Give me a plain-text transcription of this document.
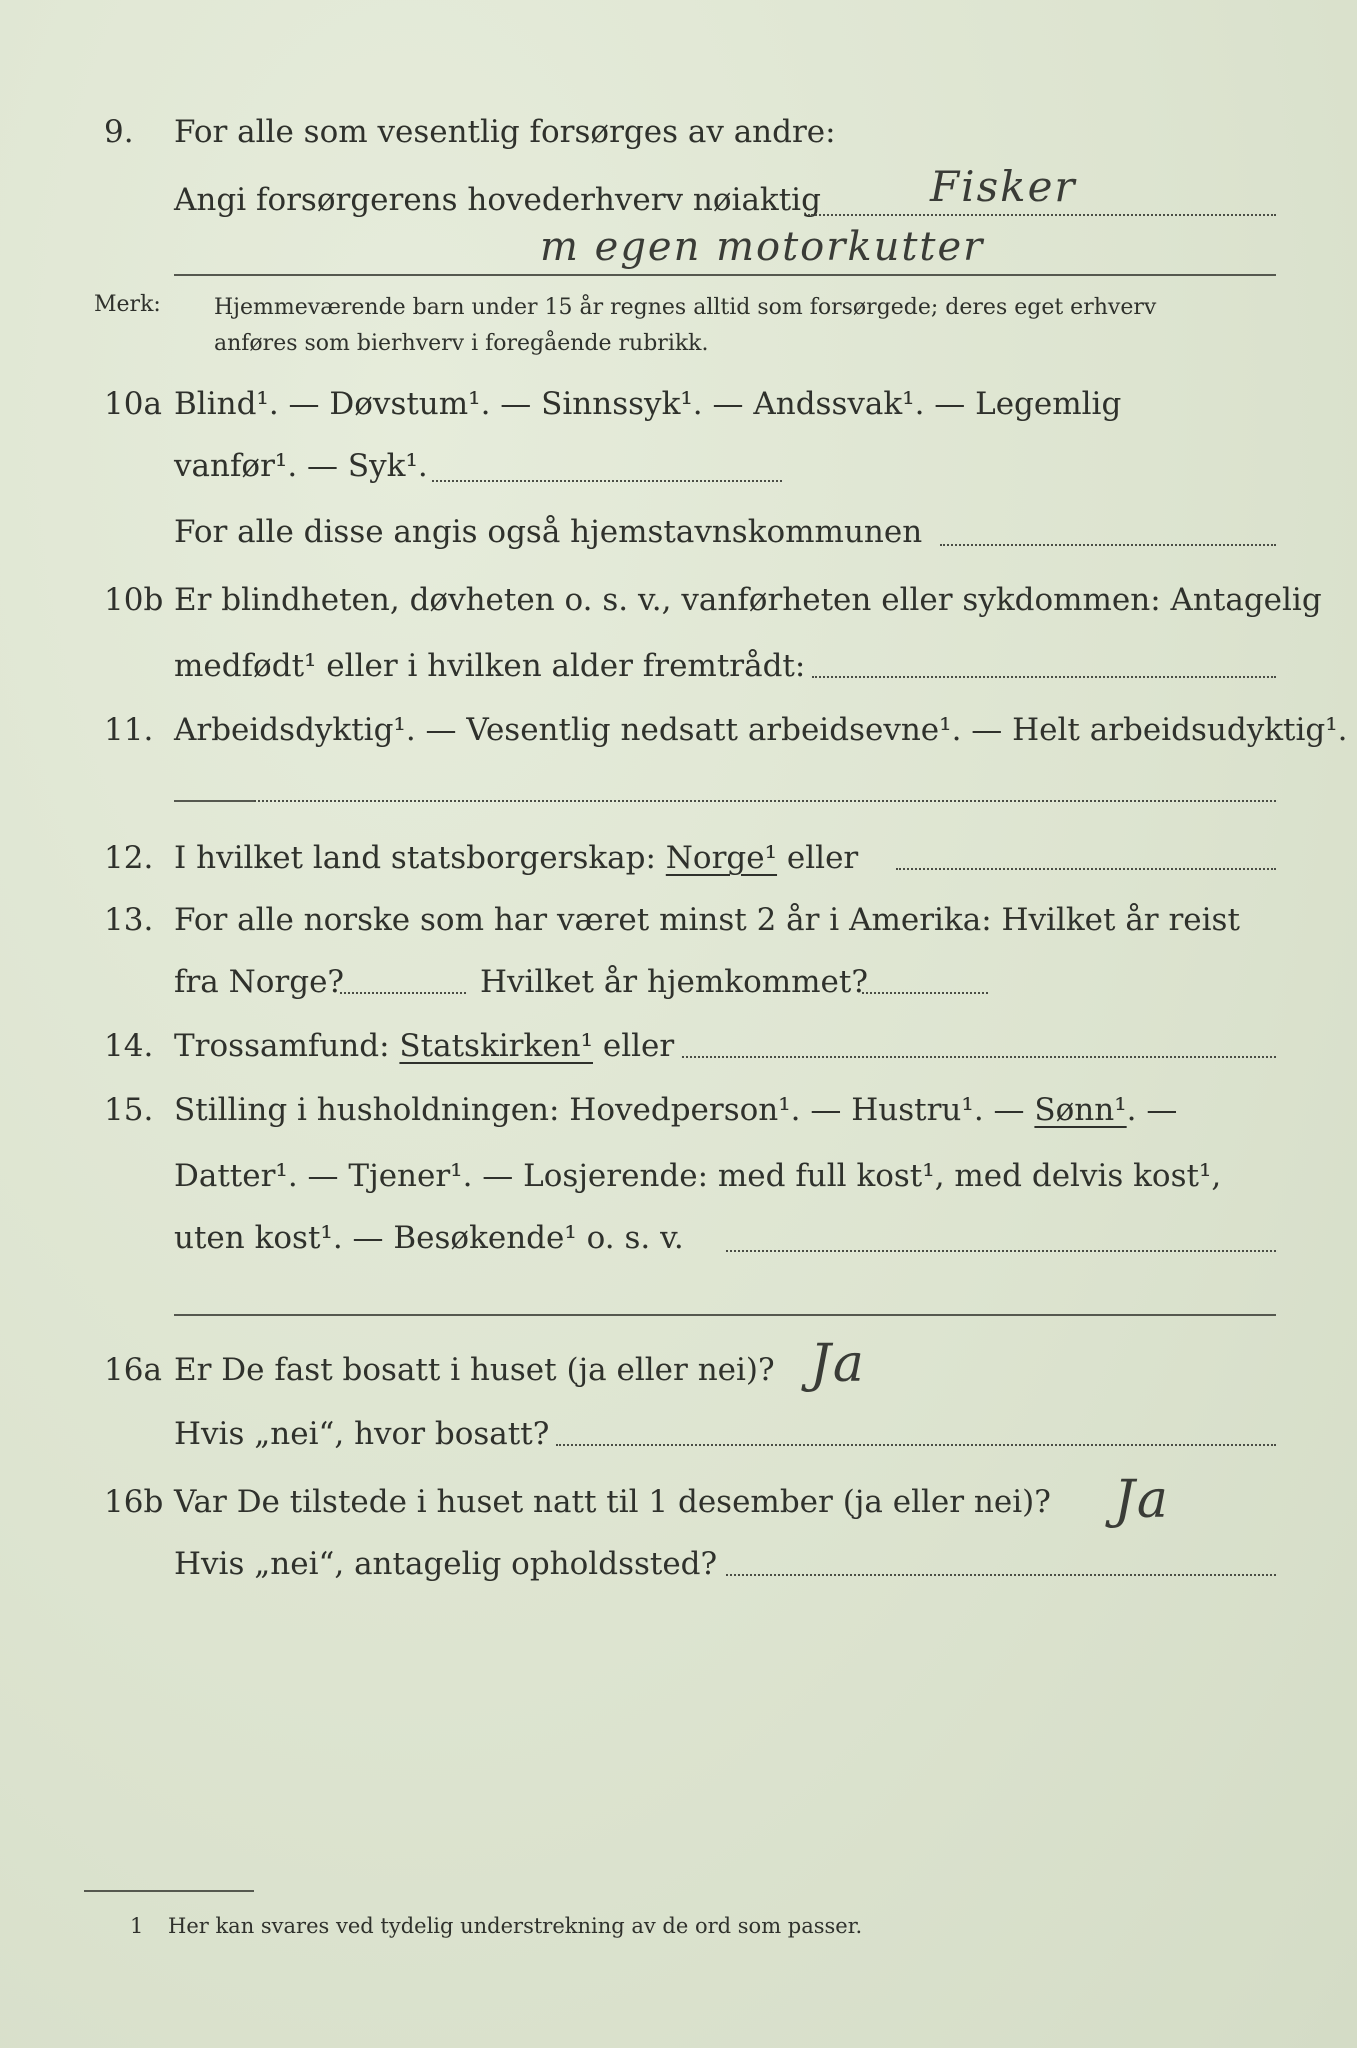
9. For alle som vesentlig forsørges av andre:
Angi forsørgerens hovederhverv nøiaktig	Fisker
m egen motorkutter
Merk: Hjemmeværende barn under 15 år regnes alltid som forsørgede; deres eget erhverv
anføres som bierhverv i foregående rubrikk.
10a Blind¹. — Døvstum¹. — Sinnssyk¹. — Andssvak¹. — Legemlig
vanfør¹. — Syk¹.
For alle disse angis også hjemstavnskommunen
10b Er blindheten, døvheten o. s. v., vanførheten eller sykdommen: Antagelig
medfødt¹ eller i hvilken alder fremtrådt:
11. Arbeidsdyktig¹. — Vesentlig nedsatt arbeidsevne¹. — Helt arbeidsudyktig¹.
12. I hvilket land statsborgerskap: Norge¹ eller
13. For alle norske som har været minst 2 år i Amerika: Hvilket år reist
fra Norge?	Hvilket år hjemkommet?
14. Trossamfund: Statskirken¹ eller
15. Stilling i husholdningen: Hovedperson¹. — Hustru¹. — Sønn¹. —
Datter¹. — Tjener¹. — Losjerende: med full kost¹, med delvis kost¹,
uten kost¹. — Besøkende¹ o. s. v.
16a Er De fast bosatt i huset (ja eller nei)? Ja
Hvis „nei“, hvor bosatt?
16b Var De tilstede i huset natt til 1 desember (ja eller nei)? Ja
Hvis „nei“, antagelig opholdssted?
1 Her kan svares ved tydelig understrekning av de ord som passer.
